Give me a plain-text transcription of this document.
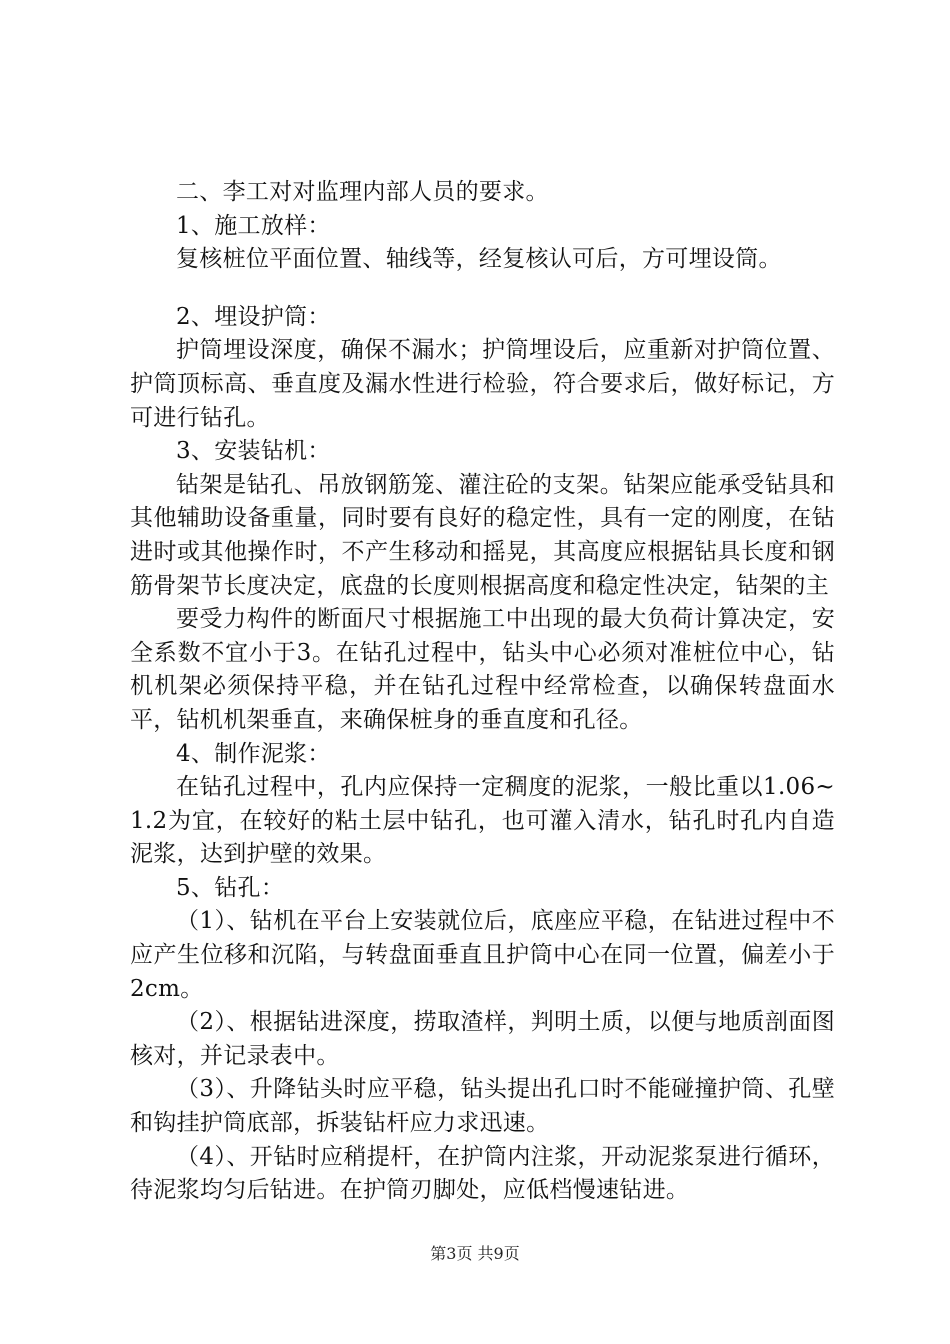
二、李工对对监理内部人员的要求。

1、施工放样：

复核桩位平面位置、轴线等，经复核认可后，方可埋设筒。

2、埋设护筒：

护筒埋设深度，确保不漏水；护筒埋设后，应重新对护筒位置、护筒顶标高、垂直度及漏水性进行检验，符合要求后，做好标记，方可进行钻孔。

3、安装钻机：

钻架是钻孔、吊放钢筋笼、灌注砼的支架。钻架应能承受钻具和其他辅助设备重量，同时要有良好的稳定性，具有一定的刚度，在钻进时或其他操作时，不产生移动和摇晃，其高度应根据钻具长度和钢筋骨架节长度决定，底盘的长度则根据高度和稳定性决定，钻架的主

要受力构件的断面尺寸根据施工中出现的最大负荷计算决定，安全系数不宜小于3。在钻孔过程中，钻头中心必须对准桩位中心，钻机机架必须保持平稳，并在钻孔过程中经常检查，以确保转盘面水平，钻机机架垂直，来确保桩身的垂直度和孔径。

4、制作泥浆：

在钻孔过程中，孔内应保持一定稠度的泥浆，一般比重以1.06~1.2为宜，在较好的粘土层中钻孔，也可灌入清水，钻孔时孔内自造泥浆，达到护壁的效果。

5、钻孔：

（1）、钻机在平台上安装就位后，底座应平稳，在钻进过程中不应产生位移和沉陷，与转盘面垂直且护筒中心在同一位置，偏差小于2cm。

（2）、根据钻进深度，捞取渣样，判明土质，以便与地质剖面图核对，并记录表中。

（3）、升降钻头时应平稳，钻头提出孔口时不能碰撞护筒、孔壁和钩挂护筒底部，拆装钻杆应力求迅速。

（4）、开钻时应稍提杆，在护筒内注浆，开动泥浆泵进行循环，待泥浆均匀后钻进。在护筒刃脚处，应低档慢速钻进。

第3页 共9页
